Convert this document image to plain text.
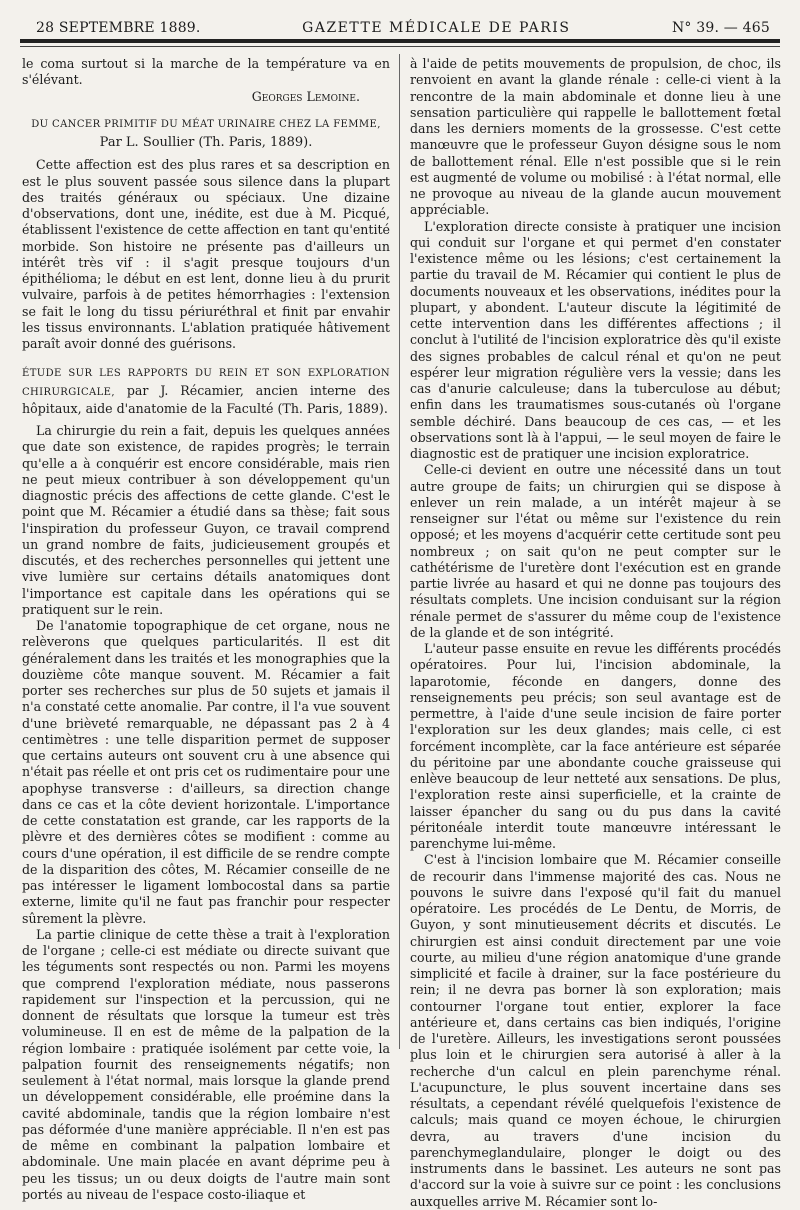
28 SEPTEMBRE 1889.	GAZETTE MÉDICALE DE PARIS	N° 39. — 465

le coma surtout si la marche de la température va en s'élévant.

Georges Lemoine.

DU CANCER PRIMITIF DU MÉAT URINAIRE CHEZ LA FEMME,

Par L. Soullier (Th. Paris, 1889).

Cette affection est des plus rares et sa description en est le plus souvent passée sous silence dans la plupart des traités généraux ou spéciaux. Une dizaine d'observations, dont une, inédite, est due à M. Picqué, établissent l'existence de cette affection en tant qu'entité morbide. Son histoire ne présente pas d'ailleurs un intérêt très vif : il s'agit presque toujours d'un épithélioma; le début en est lent, donne lieu à du prurit vulvaire, parfois à de petites hémorrhagies : l'extension se fait le long du tissu périuréthral et finit par envahir les tissus environnants. L'ablation pratiquée hâtivement paraît avoir donné des guérisons.

ÉTUDE SUR LES RAPPORTS DU REIN ET SON EXPLORATION CHIRURGICALE, par J. Récamier, ancien interne des hôpitaux, aide d'anatomie de la Faculté (Th. Paris, 1889).

La chirurgie du rein a fait, depuis les quelques années que date son existence, de rapides progrès; le terrain qu'elle a à conquérir est encore considérable, mais rien ne peut mieux contribuer à son développement qu'un diagnostic précis des affections de cette glande. C'est le point que M. Récamier a étudié dans sa thèse; fait sous l'inspiration du professeur Guyon, ce travail comprend un grand nombre de faits, judicieusement groupés et discutés, et des recherches personnelles qui jettent une vive lumière sur certains détails anatomiques dont l'importance est capitale dans les opérations qui se pratiquent sur le rein.

De l'anatomie topographique de cet organe, nous ne relèverons que quelques particularités. Il est dit généralement dans les traités et les monographies que la douzième côte manque souvent. M. Récamier a fait porter ses recherches sur plus de 50 sujets et jamais il n'a constaté cette anomalie. Par contre, il l'a vue souvent d'une brièveté remarquable, ne dépassant pas 2 à 4 centimètres : une telle disparition permet de supposer que certains auteurs ont souvent cru à une absence qui n'était pas réelle et ont pris cet os rudimentaire pour une apophyse transverse : d'ailleurs, sa direction change dans ce cas et la côte devient horizontale. L'importance de cette constatation est grande, car les rapports de la plèvre et des dernières côtes se modifient : comme au cours d'une opération, il est difficile de se rendre compte de la disparition des côtes, M. Récamier conseille de ne pas intéresser le ligament lombocostal dans sa partie externe, limite qu'il ne faut pas franchir pour respecter sûrement la plèvre.

La partie clinique de cette thèse a trait à l'exploration de l'organe ; celle-ci est médiate ou directe suivant que les téguments sont respectés ou non. Parmi les moyens que comprend l'exploration médiate, nous passerons rapidement sur l'inspection et la percussion, qui ne donnent de résultats que lorsque la tumeur est très volumineuse. Il en est de même de la palpation de la région lombaire : pratiquée isolément par cette voie, la palpation fournit des renseignements négatifs; non seulement à l'état normal, mais lorsque la glande prend un développement considérable, elle proémine dans la cavité abdominale, tandis que la région lombaire n'est pas déformée d'une manière appréciable. Il n'en est pas de même en combinant la palpation lombaire et abdominale. Une main placée en avant déprime peu à peu les tissus; un ou deux doigts de l'autre main sont portés au niveau de l'espace costo-iliaque et

à l'aide de petits mouvements de propulsion, de choc, ils renvoient en avant la glande rénale : celle-ci vient à la rencontre de la main abdominale et donne lieu à une sensation particulière qui rappelle le ballottement fœtal dans les derniers moments de la grossesse. C'est cette manœuvre que le professeur Guyon désigne sous le nom de ballottement rénal. Elle n'est possible que si le rein est augmenté de volume ou mobilisé : à l'état normal, elle ne provoque au niveau de la glande aucun mouvement appréciable.

L'exploration directe consiste à pratiquer une incision qui conduit sur l'organe et qui permet d'en constater l'existence même ou les lésions; c'est certainement la partie du travail de M. Récamier qui contient le plus de documents nouveaux et les observations, inédites pour la plupart, y abondent. L'auteur discute la légitimité de cette intervention dans les différentes affections ; il conclut à l'utilité de l'incision exploratrice dès qu'il existe des signes probables de calcul rénal et qu'on ne peut espérer leur migration régulière vers la vessie; dans les cas d'anurie calculeuse; dans la tuberculose au début; enfin dans les traumatismes sous-cutanés où l'organe semble déchiré. Dans beaucoup de ces cas, — et les observations sont là à l'appui, — le seul moyen de faire le diagnostic est de pratiquer une incision exploratrice.

Celle-ci devient en outre une nécessité dans un tout autre groupe de faits; un chirurgien qui se dispose à enlever un rein malade, a un intérêt majeur à se renseigner sur l'état ou même sur l'existence du rein opposé; et les moyens d'acquérir cette certitude sont peu nombreux ; on sait qu'on ne peut compter sur le cathétérisme de l'uretère dont l'exécution est en grande partie livrée au hasard et qui ne donne pas toujours des résultats complets. Une incision conduisant sur la région rénale permet de s'assurer du même coup de l'existence de la glande et de son intégrité.

L'auteur passe ensuite en revue les différents procédés opératoires. Pour lui, l'incision abdominale, la laparotomie, féconde en dangers, donne des renseignements peu précis; son seul avantage est de permettre, à l'aide d'une seule incision de faire porter l'exploration sur les deux glandes; mais celle, ci est forcément incomplète, car la face antérieure est séparée du péritoine par une abondante couche graisseuse qui enlève beaucoup de leur netteté aux sensations. De plus, l'exploration reste ainsi superficielle, et la crainte de laisser épancher du sang ou du pus dans la cavité péritonéale interdit toute manœuvre intéressant le parenchyme lui-même.

C'est à l'incision lombaire que M. Récamier conseille de recourir dans l'immense majorité des cas. Nous ne pouvons le suivre dans l'exposé qu'il fait du manuel opératoire. Les procédés de Le Dentu, de Morris, de Guyon, y sont minutieusement décrits et discutés. Le chirurgien est ainsi conduit directement par une voie courte, au milieu d'une région anatomique d'une grande simplicité et facile à drainer, sur la face postérieure du rein; il ne devra pas borner là son exploration; mais contourner l'organe tout entier, explorer la face antérieure et, dans certains cas bien indiqués, l'origine de l'uretère. Ailleurs, les investigations seront poussées plus loin et le chirurgien sera autorisé à aller à la recherche d'un calcul en plein parenchyme rénal. L'acupuncture, le plus souvent incertaine dans ses résultats, a cependant révélé quelquefois l'existence de calculs; mais quand ce moyen échoue, le chirurgien devra, au travers d'une incision du parenchymeglandulaire, plonger le doigt ou des instruments dans le bassinet. Les auteurs ne sont pas d'accord sur la voie à suivre sur ce point : les conclusions auxquelles arrive M. Récamier sont lo-
